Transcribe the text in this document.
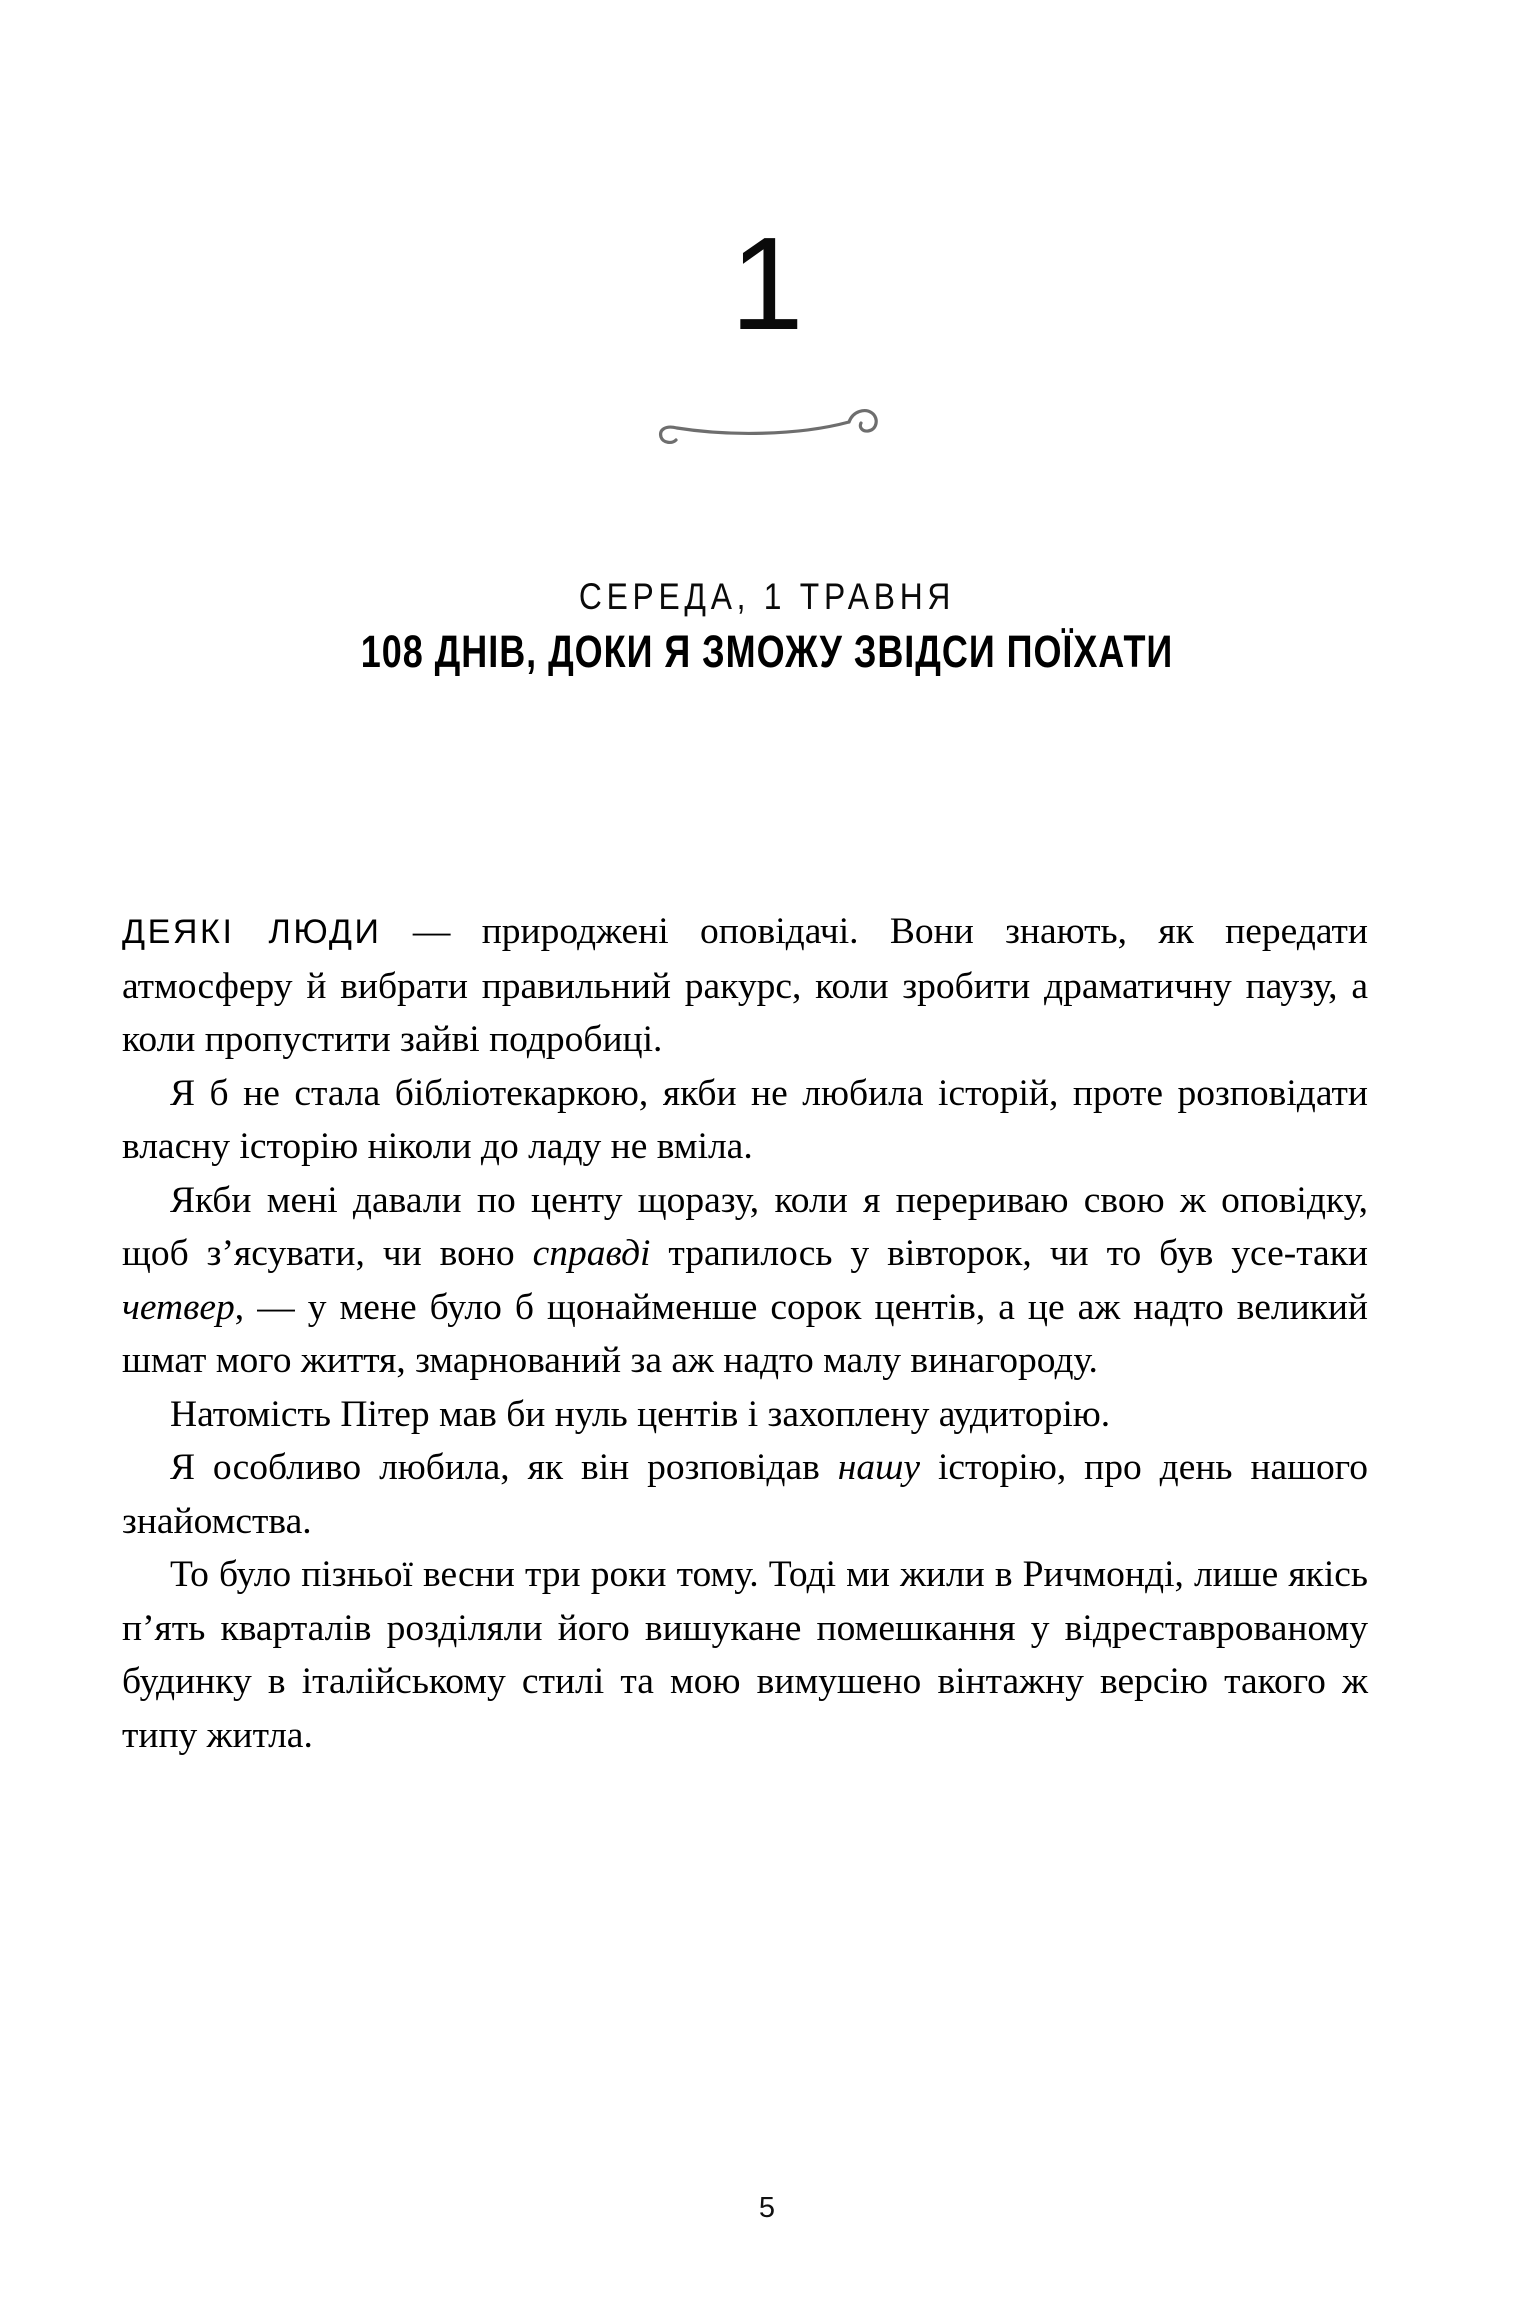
1
СЕРЕДА, 1 ТРАВНЯ
108 ДНІВ, ДОКИ Я ЗМОЖУ ЗВІДСИ ПОЇХАТИ

ДЕЯКІ ЛЮДИ — природжені оповідачі. Вони знають, як передати атмосферу й вибрати правильний ракурс, коли зробити драматичну паузу, а коли пропустити зайві подробиці.

Я б не стала бібліотекаркою, якби не любила історій, проте розповідати власну історію ніколи до ладу не вміла.

Якби мені давали по центу щоразу, коли я перериваю свою ж оповідку, щоб з’ясувати, чи воно справді трапилось у вівторок, чи то був усе-таки четвер, — у мене було б щонайменше сорок центів, а це аж надто великий шмат мого життя, змарнований за аж надто малу винагороду.

Натомість Пітер мав би нуль центів і захоплену аудиторію.

Я особливо любила, як він розповідав нашу історію, про день нашого знайомства.

То було пізньої весни три роки тому. Тоді ми жили в Ричмонді, лише якісь п’ять кварталів розділяли його вишукане помешкання у відреставрованому будинку в італійському стилі та мою вимушено вінтажну версію такого ж типу житла.

5
